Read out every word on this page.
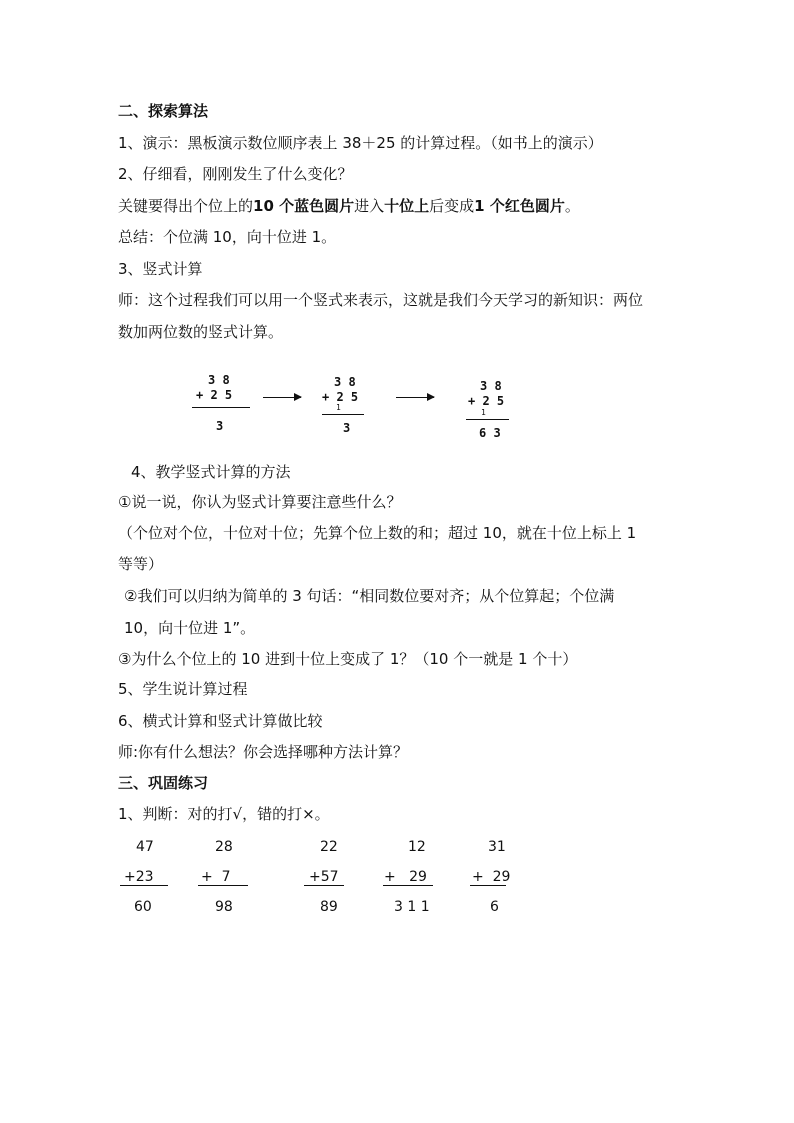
二、探索算法
1、演示：黑板演示数位顺序表上 38＋25 的计算过程。（如书上的演示）
2、仔细看，刚刚发生了什么变化？
关键要得出个位上的10 个蓝色圆片进入十位上后变成1 个红色圆片。
总结：个位满 10，向十位进 1。
3、竖式计算
师：这个过程我们可以用一个竖式来表示，这就是我们今天学习的新知识：两位
数加两位数的竖式计算。
3 8
+ 2 5
3
3 8
+ 2 5
1
3
3 8
+ 2 5
1
6 3
4、教学竖式计算的方法
①说一说，你认为竖式计算要注意些什么？
（个位对个位，十位对十位；先算个位上数的和；超过 10，就在十位上标上 1
等等）
②我们可以归纳为简单的 3 句话：“相同数位要对齐；从个位算起；个位满
10，向十位进 1”。
③为什么个位上的 10 进到十位上变成了 1？（10 个一就是 1 个十）
5、学生说计算过程
6、横式计算和竖式计算做比较
师:你有什么想法？你会选择哪种方法计算？
三、巩固练习
1、判断：对的打√，错的打×。
47
+23
60
28
+  7
98
22
+57
89
12
+   29
3 1 1
31
+  29
6
